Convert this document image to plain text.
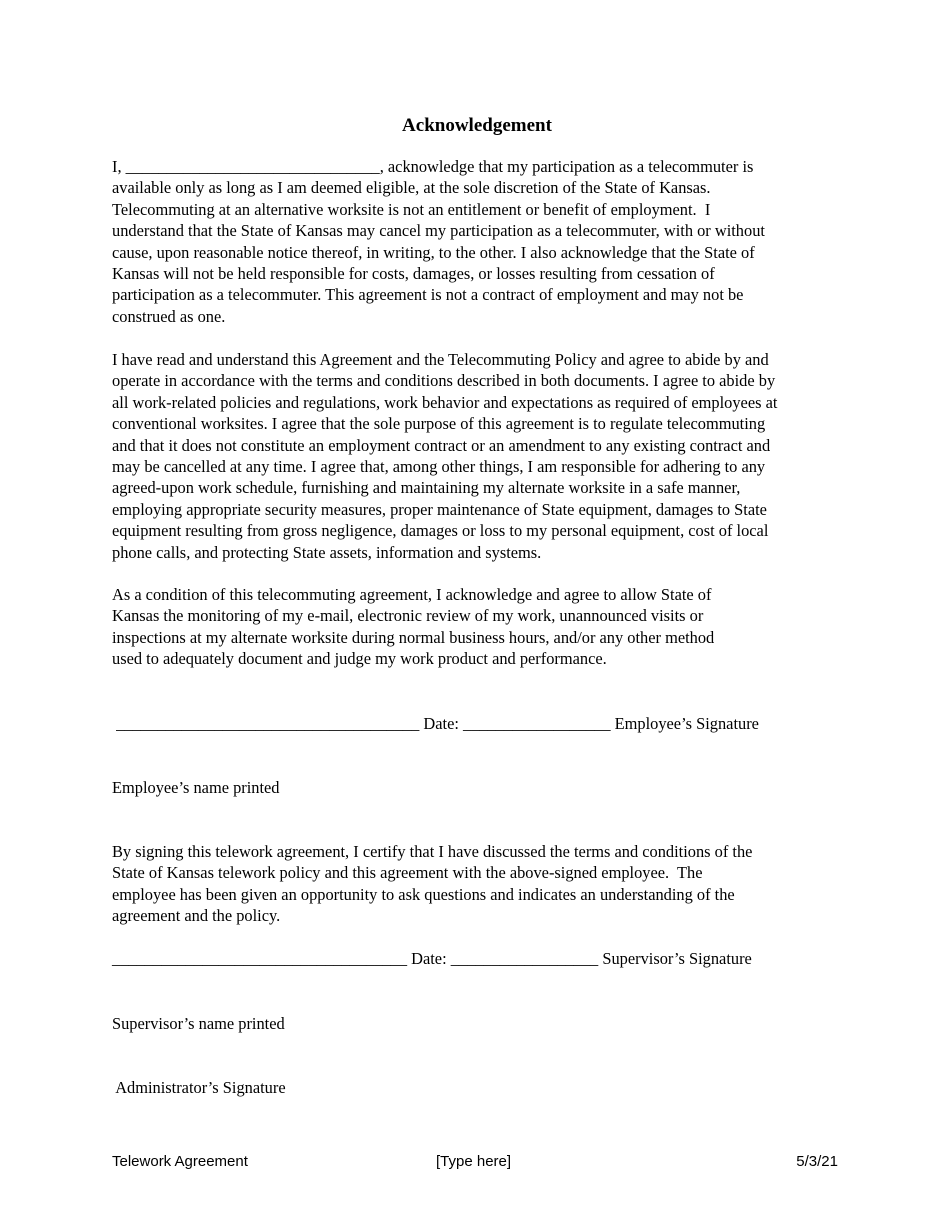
Acknowledgement
I, _______________________________, acknowledge that my participation as a telecommuter is
available only as long as I am deemed eligible, at the sole discretion of the State of Kansas.
Telecommuting at an alternative worksite is not an entitlement or benefit of employment.  I
understand that the State of Kansas may cancel my participation as a telecommuter, with or without
cause, upon reasonable notice thereof, in writing, to the other. I also acknowledge that the State of
Kansas will not be held responsible for costs, damages, or losses resulting from cessation of
participation as a telecommuter. This agreement is not a contract of employment and may not be
construed as one.
I have read and understand this Agreement and the Telecommuting Policy and agree to abide by and
operate in accordance with the terms and conditions described in both documents. I agree to abide by
all work-related policies and regulations, work behavior and expectations as required of employees at
conventional worksites. I agree that the sole purpose of this agreement is to regulate telecommuting
and that it does not constitute an employment contract or an amendment to any existing contract and
may be cancelled at any time. I agree that, among other things, I am responsible for adhering to any
agreed-upon work schedule, furnishing and maintaining my alternate worksite in a safe manner,
employing appropriate security measures, proper maintenance of State equipment, damages to State
equipment resulting from gross negligence, damages or loss to my personal equipment, cost of local
phone calls, and protecting State assets, information and systems.
As a condition of this telecommuting agreement, I acknowledge and agree to allow State of
Kansas the monitoring of my e-mail, electronic review of my work, unannounced visits or
inspections at my alternate worksite during normal business hours, and/or any other method
used to adequately document and judge my work product and performance.
_____________________________________ Date: __________________ Employee’s Signature
Employee’s name printed
By signing this telework agreement, I certify that I have discussed the terms and conditions of the
State of Kansas telework policy and this agreement with the above-signed employee.  The
employee has been given an opportunity to ask questions and indicates an understanding of the
agreement and the policy.
____________________________________ Date: __________________ Supervisor’s Signature
Supervisor’s name printed
Administrator’s Signature
Telework Agreement	[Type here]	5/3/21
